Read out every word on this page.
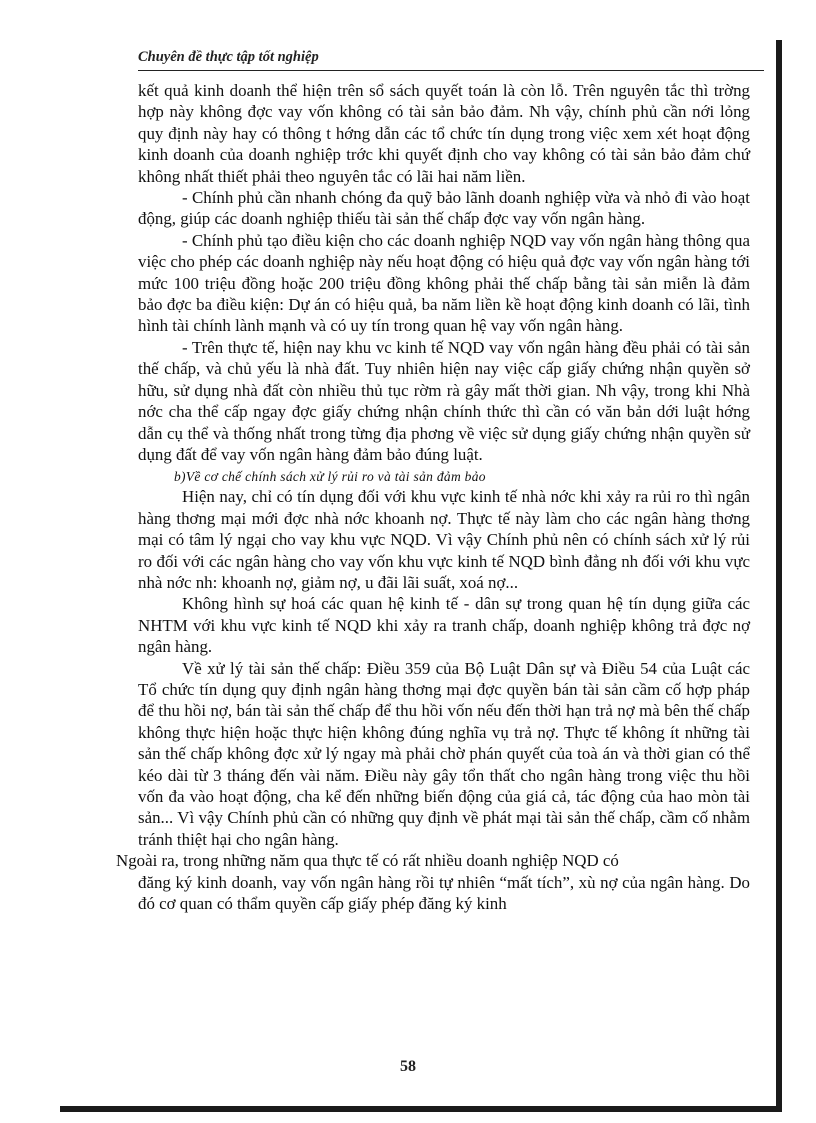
Chuyên đề thực tập tốt nghiệp

kết quả kinh doanh thể hiện trên sổ sách quyết toán là còn lỗ. Trên nguyên tắc thì trờng hợp này không đợc vay vốn không có tài sản bảo đảm. Nh vậy, chính phủ cần nới lỏng quy định này hay có thông t hớng dẫn các tổ chức tín dụng trong việc xem xét hoạt động kinh doanh của doanh nghiệp trớc khi quyết định cho vay không có tài sản bảo đảm chứ không nhất thiết phải theo nguyên tắc có lãi hai năm liền.

- Chính phủ cần nhanh chóng đa quỹ bảo lãnh doanh nghiệp vừa và nhỏ đi vào hoạt động, giúp các doanh nghiệp thiếu tài sản thế chấp đợc vay vốn ngân hàng.

- Chính phủ tạo điều kiện cho các doanh nghiệp NQD vay vốn ngân hàng thông qua việc cho phép các doanh nghiệp này nếu hoạt động có hiệu quả đợc vay vốn ngân hàng tới mức 100 triệu đồng hoặc 200 triệu đồng không phải thế chấp bằng tài sản miễn là đảm bảo đợc ba điều kiện: Dự án có hiệu quả, ba năm liền kề hoạt động kinh doanh có lãi, tình hình tài chính lành mạnh và có uy tín trong quan hệ vay vốn ngân hàng.

- Trên thực tế, hiện nay khu vc kinh tế NQD vay vốn ngân hàng đều phải có tài sản thế chấp, và chủ yếu là nhà đất. Tuy nhiên hiện nay việc cấp giấy chứng nhận quyền sở hữu, sử dụng nhà đất còn nhiều thủ tục rờm rà gây mất thời gian. Nh vậy, trong khi Nhà nớc cha thể cấp ngay đợc giấy chứng nhận chính thức thì cần có văn bản dới luật hớng dẫn cụ thể và thống nhất trong từng địa phơng về việc sử dụng giấy chứng nhận quyền sử dụng đất để vay vốn ngân hàng đảm bảo đúng luật.

b)Về cơ chế chính sách xử lý rủi ro và tài sản đảm bảo

Hiện nay, chỉ có tín dụng đối với khu vực kinh tế nhà nớc khi xảy ra rủi ro thì ngân hàng thơng mại mới đợc nhà nớc khoanh nợ. Thực tế này làm cho các ngân hàng thơng mại có tâm lý ngại cho vay khu vực NQD. Vì vậy Chính phủ nên có chính sách xử lý rủi ro đối với các ngân hàng cho vay vốn khu vực kinh tế NQD bình đẳng nh đối với khu vực nhà nớc nh: khoanh nợ, giảm nợ, u đãi lãi suất, xoá nợ...

Không hình sự hoá các quan hệ kinh tế - dân sự trong quan hệ tín dụng giữa các NHTM với khu vực kinh tế NQD khi xảy ra tranh chấp, doanh nghiệp không trả đợc nợ ngân hàng.

Về xử lý tài sản thế chấp: Điều 359 của Bộ Luật Dân sự và Điều 54 của Luật các Tổ chức tín dụng quy định ngân hàng thơng mại đợc quyền bán tài sản cầm cố hợp pháp để thu hồi nợ, bán tài sản thế chấp để thu hồi vốn nếu đến thời hạn trả nợ mà bên thế chấp không thực hiện hoặc thực hiện không đúng nghĩa vụ trả nợ. Thực tế không ít những tài sản thế chấp không đợc xử lý ngay mà phải chờ phán quyết của toà án và thời gian có thể kéo dài từ 3 tháng đến vài năm. Điều này gây tổn thất cho ngân hàng trong việc thu hồi vốn đa vào hoạt động, cha kể đến những biến động của giá cả, tác động của hao mòn tài sản... Vì vậy Chính phủ cần có những quy định về phát mại tài sản thế chấp, cầm cố nhằm tránh thiệt hại cho ngân hàng.

Ngoài ra, trong những năm qua thực tế có rất nhiều doanh nghiệp NQD có

đăng ký kinh doanh, vay vốn ngân hàng rồi tự nhiên “mất tích”, xù nợ của ngân hàng. Do đó cơ quan có thẩm quyền cấp giấy phép đăng ký kinh

58
